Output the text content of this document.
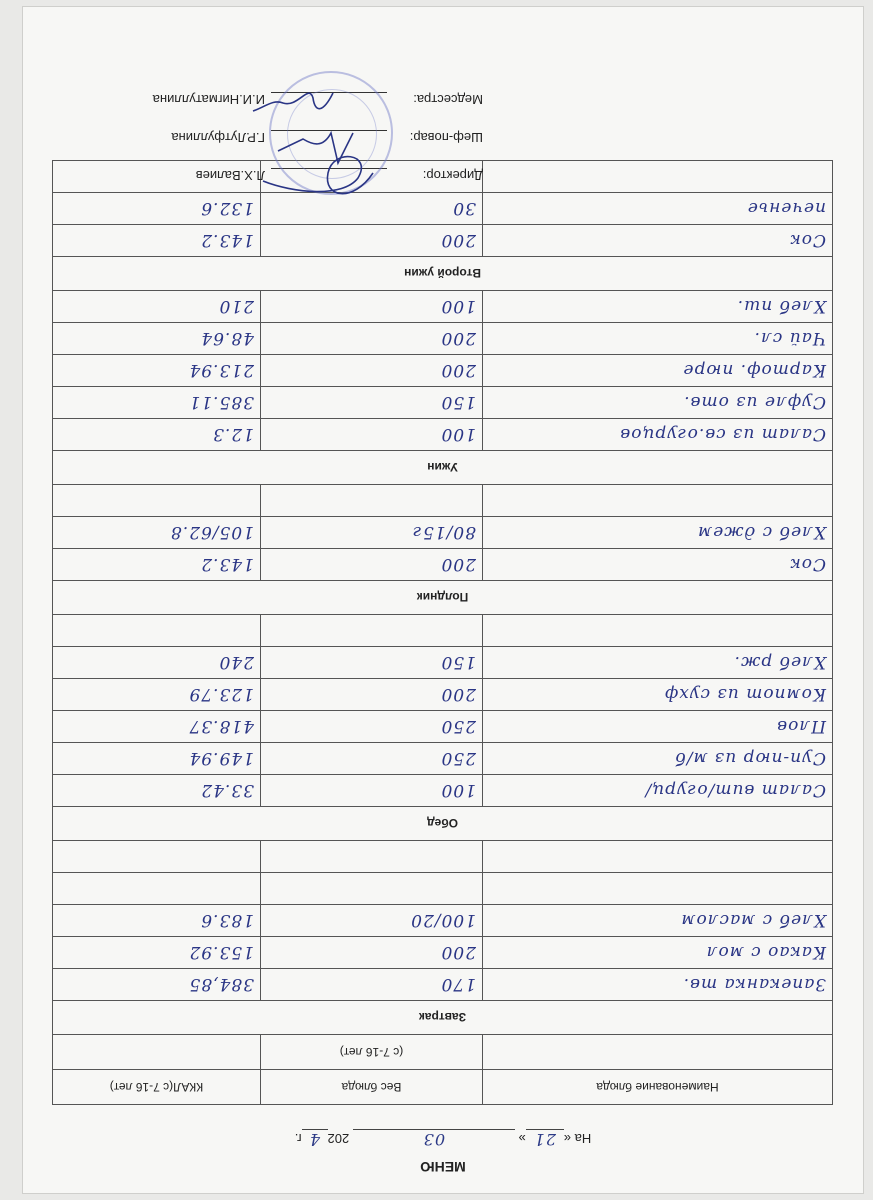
МЕНЮ
На «21» 03 2024г.
Наименование блюда	Вес блюда	ККАЛ(с 7-16 лет)
	(с 7-16 лет)	
Завтрак		
Запеканка тв.	170	384,85
Какао с мол	200	153.92
Хлеб с маслом	100/20	183.6

Обед		
Салат вит/огурц/	100	33.42
Суп-пюр из м/б	250	149.94
Плов	250	418.37
Компот из сухф	200	123.79
Хлеб рж.	150	240

Полдник		
Сок	200	143.2
Хлеб с джем	80/15г	105/62.8

Ужин		
Салат из св.огурцов	100	12.3
Суфле из отв.	150	385.11
Картоф. пюре	200	213.94
Чай сл.	200	48.64
Хлеб пш.	100	210
Второй ужин		
Сок	200	143.2
печенье	30	132.6

Директор:Л.Х.Валиев
Шеф-повар:Г.Р.Лутфуллина
Медсестра:И.И.Нигматуллина
